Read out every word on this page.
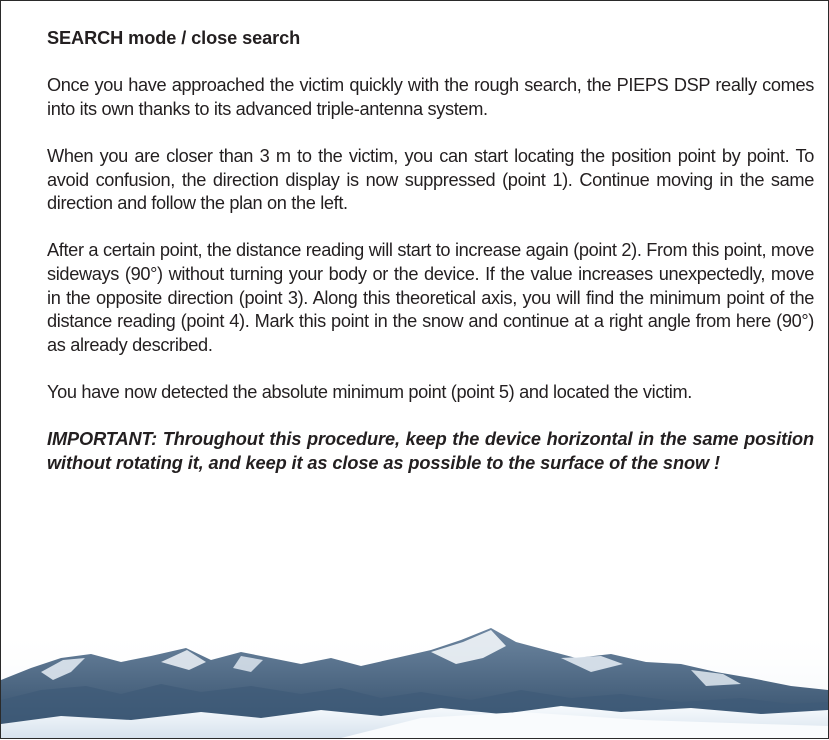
SEARCH mode / close search

Once you have approached the victim quickly with the rough search, the PIEPS DSP really comes into its own thanks to its advanced triple-antenna system.

When you are closer than 3 m to the victim, you can start locating the position point by point. To avoid confusion, the direction display is now suppressed (point 1). Continue moving in the same direction and follow the plan on the left.

After a certain point, the distance reading will start to increase again (point 2). From this point, move sideways (90°) without turning your body or the device. If the value increases unexpectedly, move in the opposite direction (point 3). Along this theoretical axis, you will find the minimum point of the distance reading (point 4). Mark this point in the snow and continue at a right angle from here (90°) as already described.

You have now detected the absolute minimum point (point 5) and located the victim.

IMPORTANT: Throughout this procedure, keep the device horizontal in the same position without rotating it, and keep it as close as possible to the surface of the snow !
